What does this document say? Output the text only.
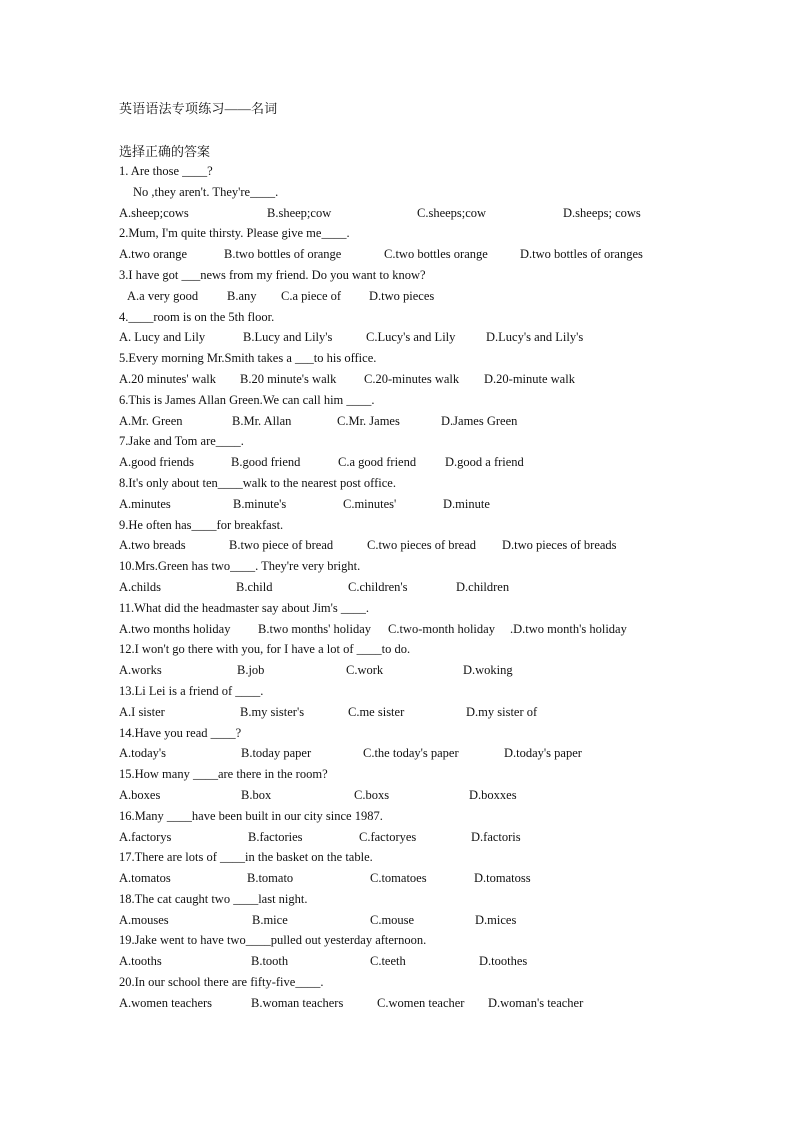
英语语法专项练习——名词
选择正确的答案
1. Are those ____?
No ,they aren't. They're____.
A.sheep;cows	B.sheep;cow	C.sheeps;cow	D.sheeps; cows
2.Mum, I'm quite thirsty. Please give me____.
A.two orange	B.two bottles of orange	C.two bottles orange	D.two bottles of oranges
3.I have got ___news from my friend. Do you want to know?
A.a very good B.any C.a piece of D.two pieces
4.____room is on the 5th floor.
A. Lucy and Lily	B.Lucy and Lily's	C.Lucy's and Lily D.Lucy's and Lily's
5.Every morning Mr.Smith takes a ___to his office.
A.20 minutes' walk B.20 minute's walk C.20-minutes walk D.20-minute walk
6.This is James Allan Green.We can call him ____.
A.Mr. Green	B.Mr. Allan	C.Mr. James	D.James Green
7.Jake and Tom are____.
A.good friends	B.good friend	C.a good friend D.good a friend
8.It's only about ten____walk to the nearest post office.
A.minutes	B.minute's	C.minutes'	D.minute
9.He often has____for breakfast.
A.two breads	B.two piece of bread	C.two pieces of bread D.two pieces of breads
10.Mrs.Green has two____. They're very bright.
A.childs	B.child	C.children's	D.children
11.What did the headmaster say about Jim's ____.
A.two months holiday B.two months' holiday C.two-month holiday .D.two month's holiday
12.I won't go there with you, for I have a lot of ____to do.
A.works	B.job	C.work	D.woking
13.Li Lei is a friend of ____.
A.I sister	B.my sister's	C.me sister	D.my sister of
14.Have you read ____?
A.today's	B.today paper	C.the today's paper	D.today's paper
15.How many ____are there in the room?
A.boxes	B.box	C.boxs	D.boxxes
16.Many ____have been built in our city since 1987.
A.factorys	B.factories	C.factoryes	D.factoris
17.There are lots of ____in the basket on the table.
A.tomatos	B.tomato	C.tomatoes	D.tomatoss
18.The cat caught two ____last night.
A.mouses	B.mice	C.mouse	D.mices
19.Jake went to have two____pulled out yesterday afternoon.
A.tooths	B.tooth	C.teeth	D.toothes
20.In our school there are fifty-five____.
A.women teachers	B.woman teachers	C.women teacher D.woman's teacher
